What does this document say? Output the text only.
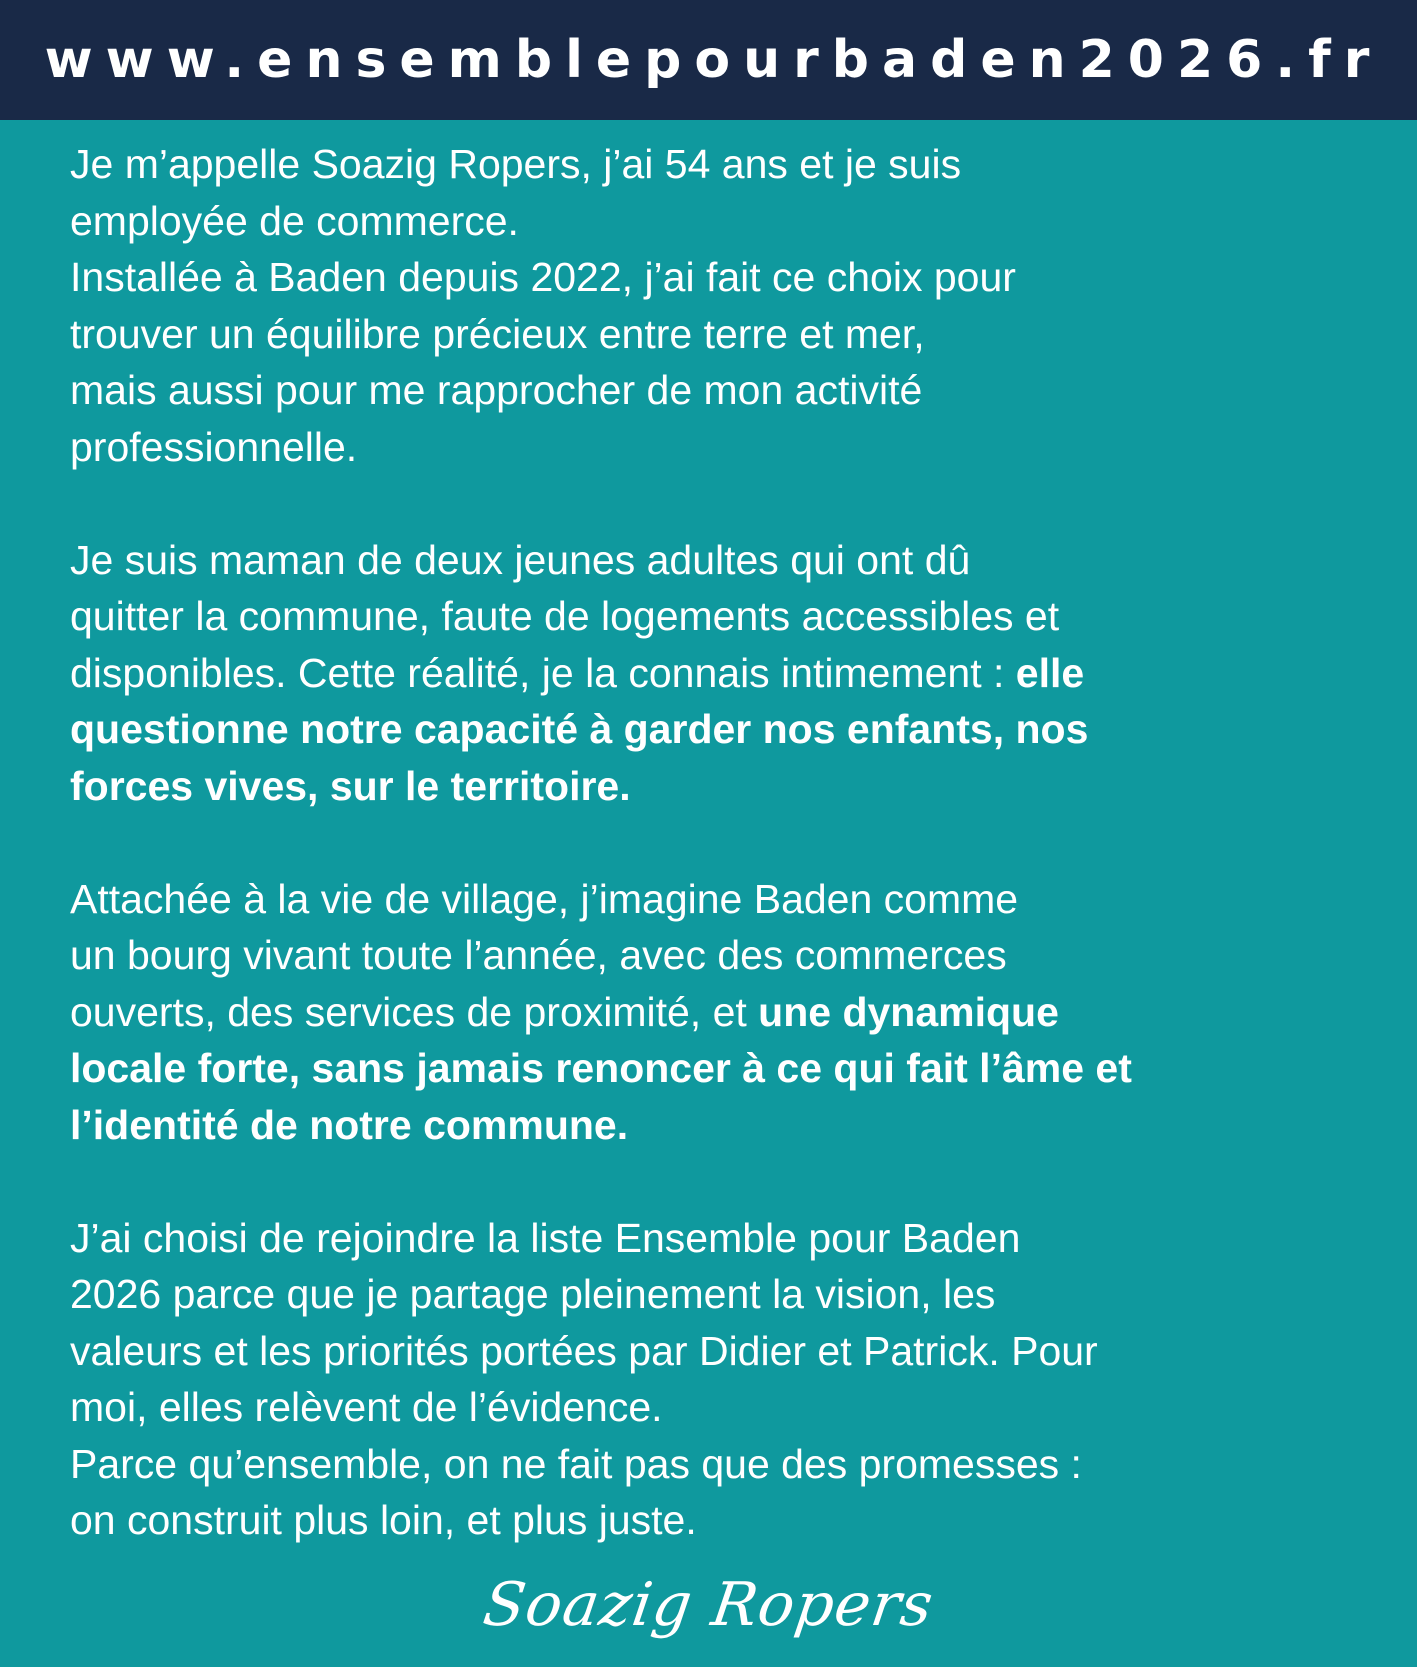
www.ensemblepourbaden2026.fr

Je m’appelle Soazig Ropers, j’ai 54 ans et je suis
employée de commerce.
Installée à Baden depuis 2022, j’ai fait ce choix pour
trouver un équilibre précieux entre terre et mer,
mais aussi pour me rapprocher de mon activité
professionnelle.

Je suis maman de deux jeunes adultes qui ont dû
quitter la commune, faute de logements accessibles et
disponibles. Cette réalité, je la connais intimement : elle
questionne notre capacité à garder nos enfants, nos
forces vives, sur le territoire.

Attachée à la vie de village, j’imagine Baden comme
un bourg vivant toute l’année, avec des commerces
ouverts, des services de proximité, et une dynamique
locale forte, sans jamais renoncer à ce qui fait l’âme et
l’identité de notre commune.

J’ai choisi de rejoindre la liste Ensemble pour Baden
2026 parce que je partage pleinement la vision, les
valeurs et les priorités portées par Didier et Patrick. Pour
moi, elles relèvent de l’évidence.
Parce qu’ensemble, on ne fait pas que des promesses :
on construit plus loin, et plus juste.

Soazig Ropers
